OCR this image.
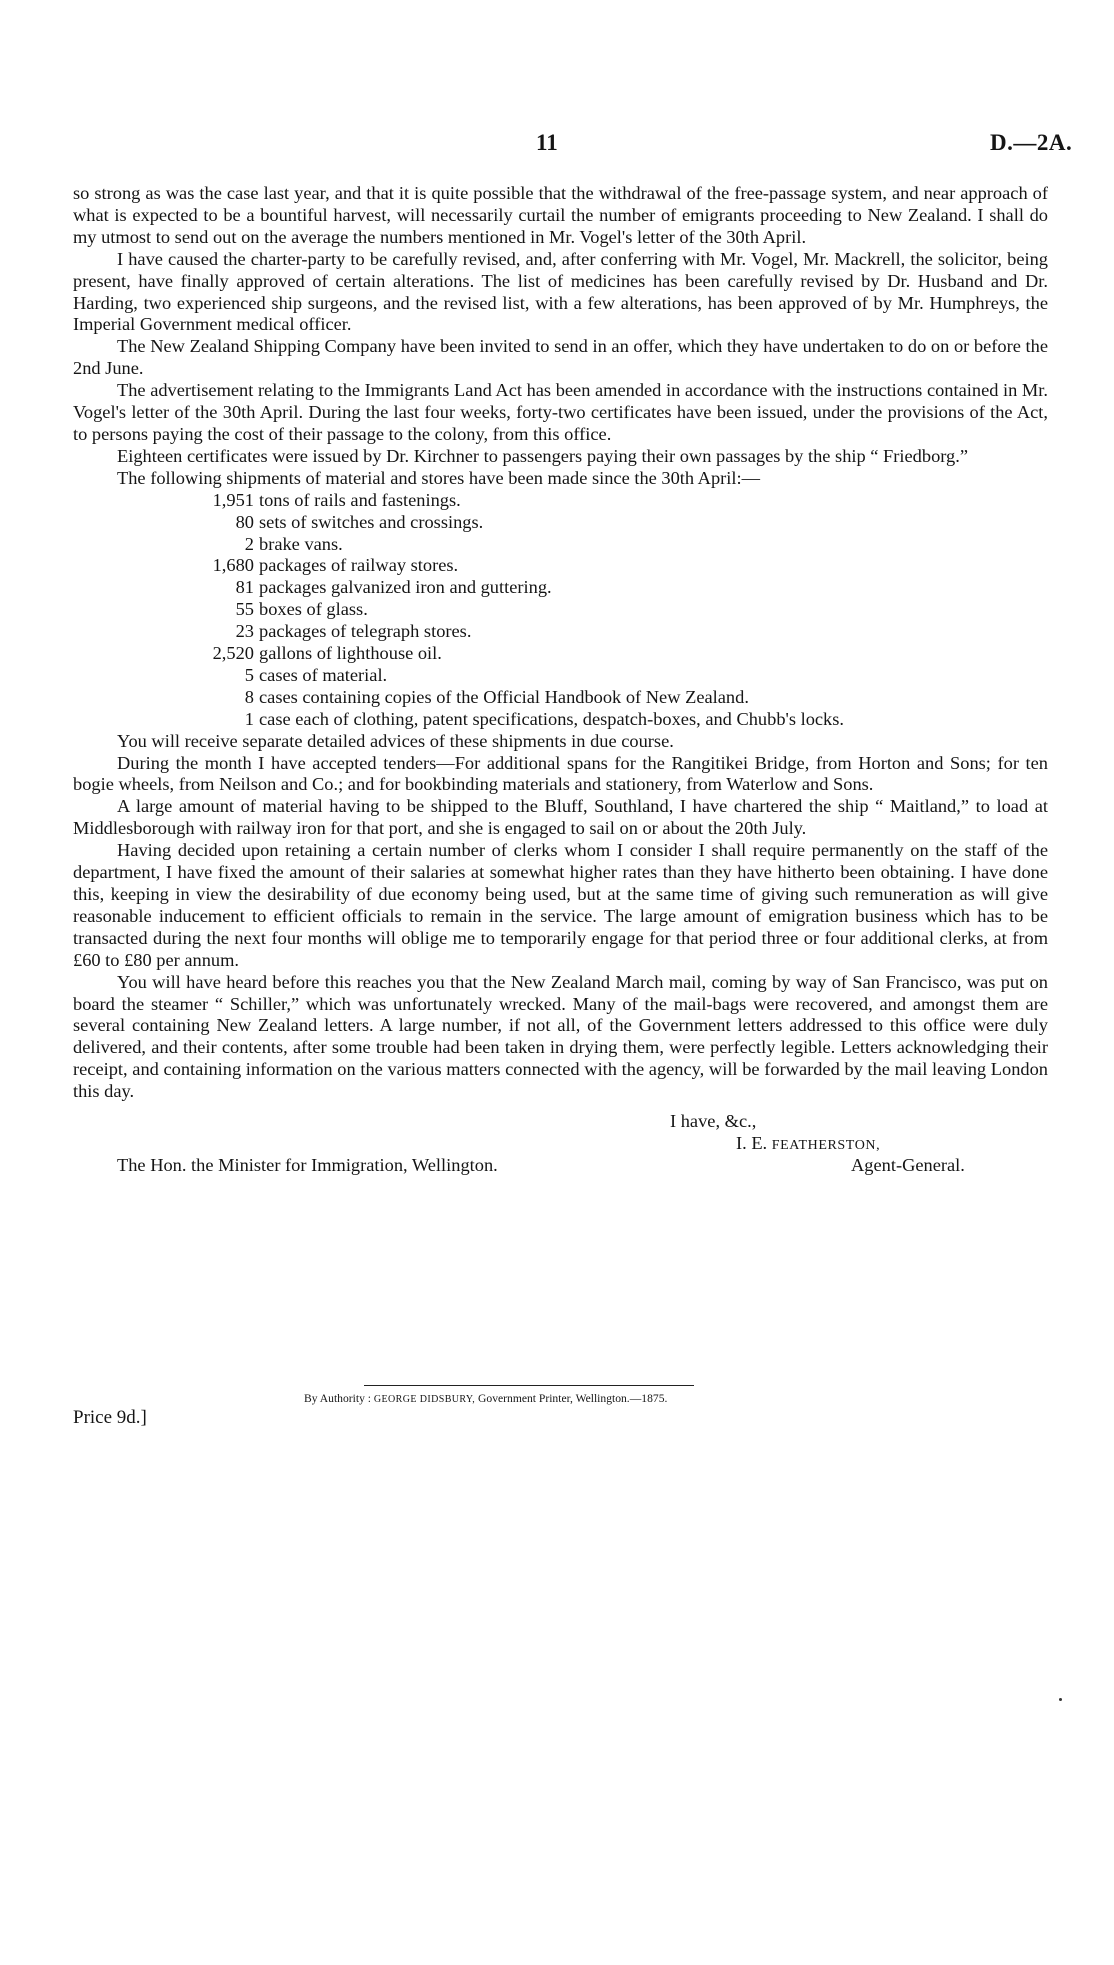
11	D.—2A.

so strong as was the case last year, and that it is quite possible that the withdrawal of the free-passage system, and near approach of what is expected to be a bountiful harvest, will necessarily curtail the number of emigrants proceeding to New Zealand. I shall do my utmost to send out on the average the numbers mentioned in Mr. Vogel's letter of the 30th April.

I have caused the charter-party to be carefully revised, and, after conferring with Mr. Vogel, Mr. Mackrell, the solicitor, being present, have finally approved of certain alterations. The list of medicines has been carefully revised by Dr. Husband and Dr. Harding, two experienced ship surgeons, and the revised list, with a few alterations, has been approved of by Mr. Humphreys, the Imperial Government medical officer.

The New Zealand Shipping Company have been invited to send in an offer, which they have undertaken to do on or before the 2nd June.

The advertisement relating to the Immigrants Land Act has been amended in accordance with the instructions contained in Mr. Vogel's letter of the 30th April. During the last four weeks, forty-two certificates have been issued, under the provisions of the Act, to persons paying the cost of their passage to the colony, from this office.

Eighteen certificates were issued by Dr. Kirchner to passengers paying their own passages by the ship “ Friedborg.”

The following shipments of material and stores have been made since the 30th April:—

1,951 tons of rails and fastenings.
80 sets of switches and crossings.
2 brake vans.
1,680 packages of railway stores.
81 packages galvanized iron and guttering.
55 boxes of glass.
23 packages of telegraph stores.
2,520 gallons of lighthouse oil.
5 cases of material.
8 cases containing copies of the Official Handbook of New Zealand.
1 case each of clothing, patent specifications, despatch-boxes, and Chubb's locks.

You will receive separate detailed advices of these shipments in due course.

During the month I have accepted tenders—For additional spans for the Rangitikei Bridge, from Horton and Sons; for ten bogie wheels, from Neilson and Co.; and for bookbinding materials and stationery, from Waterlow and Sons.

A large amount of material having to be shipped to the Bluff, Southland, I have chartered the ship “ Maitland,” to load at Middlesborough with railway iron for that port, and she is engaged to sail on or about the 20th July.

Having decided upon retaining a certain number of clerks whom I consider I shall require permanently on the staff of the department, I have fixed the amount of their salaries at somewhat higher rates than they have hitherto been obtaining. I have done this, keeping in view the desirability of due economy being used, but at the same time of giving such remuneration as will give reasonable inducement to efficient officials to remain in the service. The large amount of emigration business which has to be transacted during the next four months will oblige me to temporarily engage for that period three or four additional clerks, at from £60 to £80 per annum.

You will have heard before this reaches you that the New Zealand March mail, coming by way of San Francisco, was put on board the steamer “ Schiller,” which was unfortunately wrecked. Many of the mail-bags were recovered, and amongst them are several containing New Zealand letters. A large number, if not all, of the Government letters addressed to this office were duly delivered, and their contents, after some trouble had been taken in drying them, were perfectly legible. Letters acknowledging their receipt, and containing information on the various matters connected with the agency, will be forwarded by the mail leaving London this day.

I have, &c.,
I. E. FEATHERSTON,
The Hon. the Minister for Immigration, Wellington.	Agent-General.
By Authority : GEORGE DIDSBURY, Government Printer, Wellington.—1875.
Price 9d.]
